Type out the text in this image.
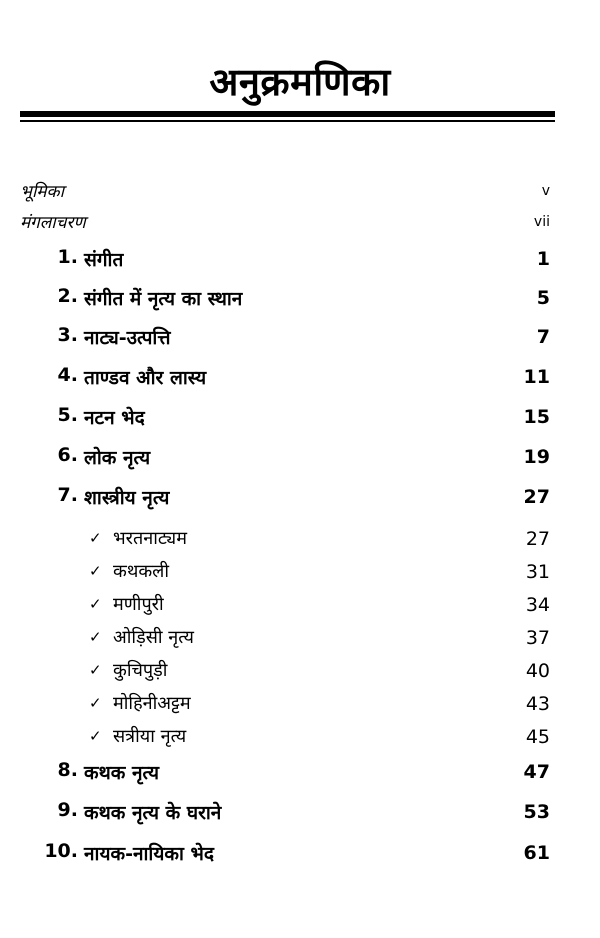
अनुक्रमणिका
भूमिका	v
मंगलाचरण	vii
1. संगीत	1
2. संगीत में नृत्य का स्थान	5
3. नाट्य-उत्पत्ति	7
4. ताण्डव और लास्य	11
5. नटन भेद	15
6. लोक नृत्य	19
7. शास्त्रीय नृत्य	27
✓ भरतनाट्यम	27
✓ कथकली	31
✓ मणीपुरी	34
✓ ओड़िसी नृत्य	37
✓ कुचिपुड़ी	40
✓ मोहिनीअट्टम	43
✓ सत्रीया नृत्य	45
8. कथक नृत्य	47
9. कथक नृत्य के घराने	53
10. नायक-नायिका भेद	61
